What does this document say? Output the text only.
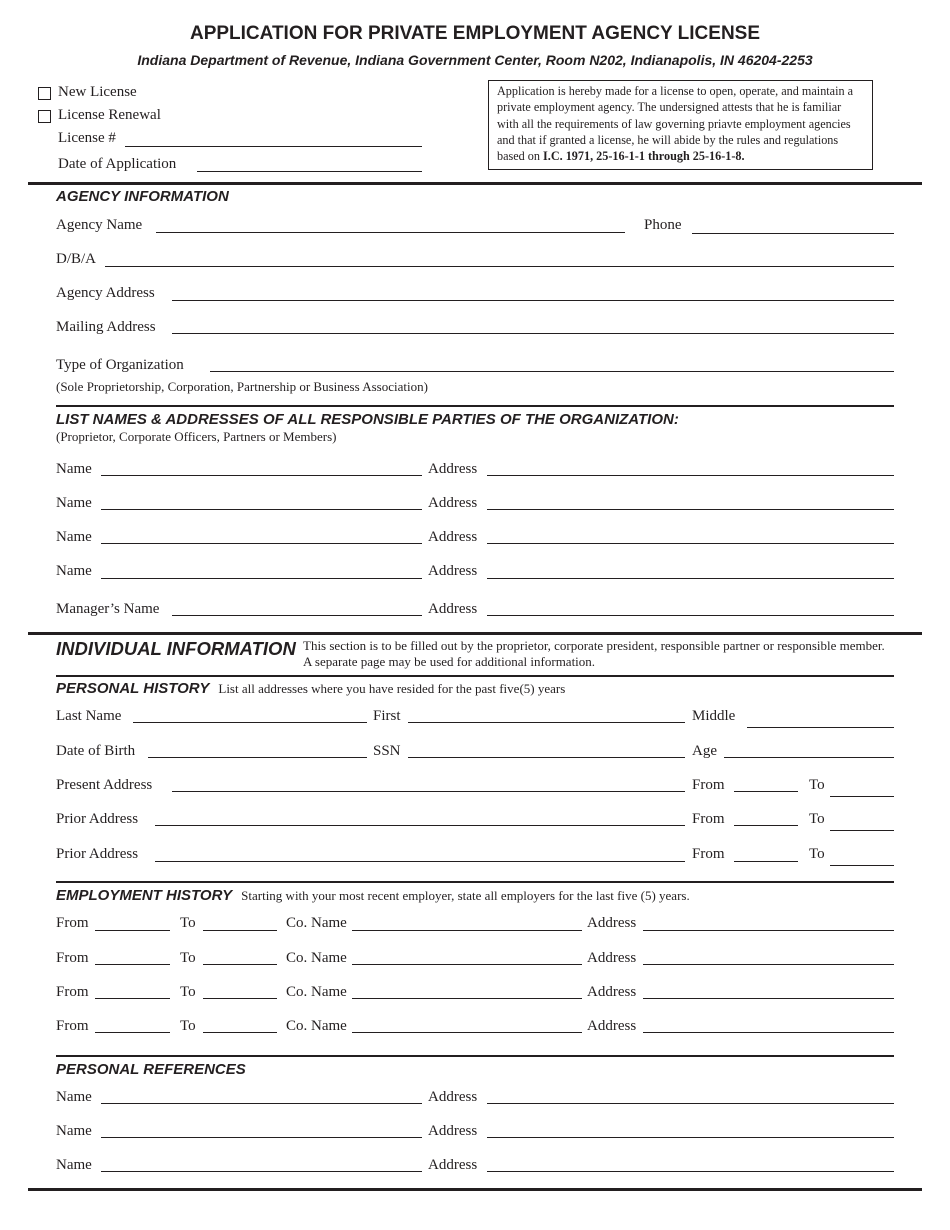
APPLICATION FOR PRIVATE EMPLOYMENT AGENCY LICENSE
Indiana Department of Revenue, Indiana Government Center, Room N202, Indianapolis, IN 46204-2253
New License
License Renewal
License #
Date of Application
Application is hereby made for a license to open, operate, and maintain a private employment agency. The undersigned attests that he is familiar with all the requirements of law governing priavte employment agencies and that if granted a license, he will abide by the rules and regulations based on I.C. 1971, 25-16-1-1 through 25-16-1-8.
AGENCY INFORMATION
Agency Name	Phone
D/B/A
Agency Address
Mailing Address
Type of Organization
(Sole Proprietorship, Corporation, Partnership or Business Association)
LIST NAMES & ADDRESSES OF ALL RESPONSIBLE PARTIES OF THE ORGANIZATION:
(Proprietor, Corporate Officers, Partners or Members)
Name	Address
Name	Address
Name	Address
Name	Address
Manager’s Name	Address
INDIVIDUAL INFORMATION This section is to be filled out by the proprietor, corporate president, responsible partner or responsible member. A separate page may be used for additional information.
PERSONAL HISTORY List all addresses where you have resided for the past five(5) years
Last Name	First	Middle
Date of Birth	SSN	Age
Present Address	From	To
Prior Address	From	To
Prior Address	From	To
EMPLOYMENT HISTORY Starting with your most recent employer, state all employers for the last five (5) years.
From	To	Co. Name	Address
From	To	Co. Name	Address
From	To	Co. Name	Address
From	To	Co. Name	Address
PERSONAL REFERENCES
Name	Address
Name	Address
Name	Address
